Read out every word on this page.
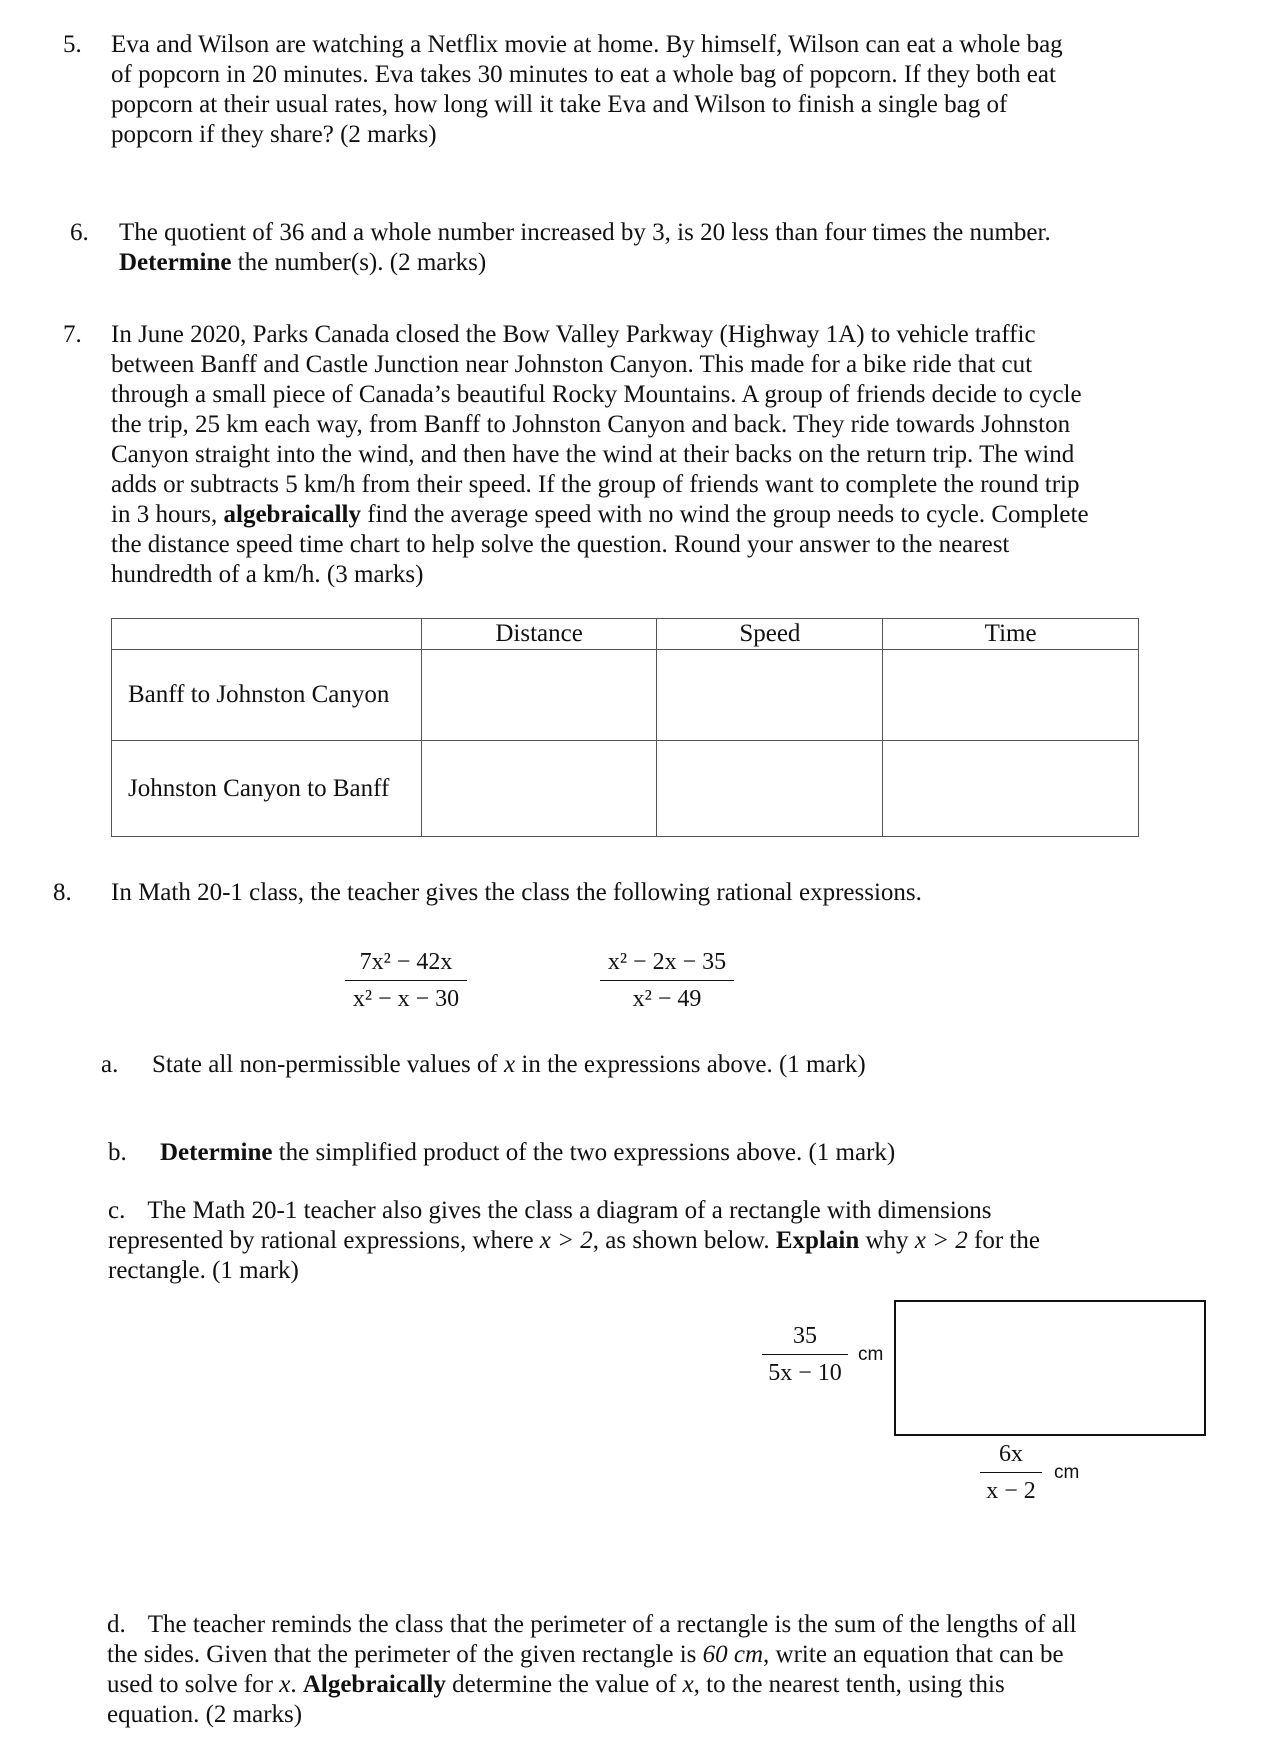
5. Eva and Wilson are watching a Netflix movie at home. By himself, Wilson can eat a whole bag
of popcorn in 20 minutes. Eva takes 30 minutes to eat a whole bag of popcorn. If they both eat
popcorn at their usual rates, how long will it take Eva and Wilson to finish a single bag of
popcorn if they share? (2 marks)
6. The quotient of 36 and a whole number increased by 3, is 20 less than four times the number.
Determine the number(s). (2 marks)
7. In June 2020, Parks Canada closed the Bow Valley Parkway (Highway 1A) to vehicle traffic
between Banff and Castle Junction near Johnston Canyon. This made for a bike ride that cut
through a small piece of Canada’s beautiful Rocky Mountains. A group of friends decide to cycle
the trip, 25 km each way, from Banff to Johnston Canyon and back. They ride towards Johnston
Canyon straight into the wind, and then have the wind at their backs on the return trip. The wind
adds or subtracts 5 km/h from their speed. If the group of friends want to complete the round trip
in 3 hours, algebraically find the average speed with no wind the group needs to cycle. Complete
the distance speed time chart to help solve the question. Round your answer to the nearest
hundredth of a km/h. (3 marks)
	Distance	Speed	Time
Banff to Johnston Canyon			
Johnston Canyon to Banff			
8. In Math 20-1 class, the teacher gives the class the following rational expressions.
7x² − 42x
x² − x − 30
x² − 2x − 35
x² − 49
a. State all non-permissible values of x in the expressions above. (1 mark)
b. Determine the simplified product of the two expressions above. (1 mark)
c. The Math 20-1 teacher also gives the class a diagram of a rectangle with dimensions
represented by rational expressions, where x > 2, as shown below. Explain why x > 2 for the
rectangle. (1 mark)
35
5x − 10
cm
6x
x − 2
cm
d. The teacher reminds the class that the perimeter of a rectangle is the sum of the lengths of all
the sides. Given that the perimeter of the given rectangle is 60 cm, write an equation that can be
used to solve for x. Algebraically determine the value of x, to the nearest tenth, using this
equation. (2 marks)
